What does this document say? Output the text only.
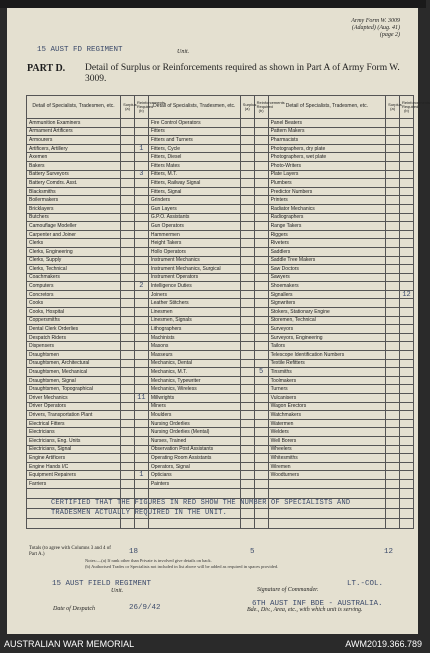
Army Form W. 3009
(Adapted) (Aug. 41)
(page 2)
15 AUST FD REGIMENT	Unit.
PART D. Detail of Surplus or Reinforcements required as shown in Part A of Army Form W. 3009.
Detail of Specialists, Tradesmen, etc.	Surplus (a)	Reinforcements Required (b)	Detail of Specialists, Tradesmen, etc.	Surplus (a)	Reinforcements Required (b)	Detail of Specialists, Tradesmen, etc.	Surplus (a)	Reinforcements Required (b)
Ammunition Examiners			Fire Control Operators			Panel Beaters		
Armament Artificers			Fitters			Pattern Makers		
Armourers			Fitters and Turners			Pharmacists		
Artificers, Artillery		1	Fitters, Cycle			Photographers, dry plate		
Axemen			Fitters, Diesel			Photographers, wet plate		
Bakers			Fitters Mates			Photo-Writers		
Battery Surveyors		3	Fitters, M.T.			Plate Layers		
Battery Comdrs. Asst.			Fitters, Railway Signal			Plumbers		
Blacksmiths			Fitters, Signal			Predictor Numbers		
Boilermakers			Grinders			Printers		
Bricklayers			Gun Layers			Radiator Mechanics		
Butchers			G.P.O. Assistants			Radiographers		
Camouflage Modeller			Gun Operators			Range Takers		
Carpenter and Joiner			Hammermen			Riggers		
Clerks			Height Takers			Riveters		
Clerks, Engineering			Hollo Operators			Saddlers		
Clerks, Supply			Instrument Mechanics			Saddle Tree Makers		
Clerks, Technical			Instrument Mechanics, Surgical			Saw Doctors		
Coachmakers			Instrument Operators			Sawyers		
Computers		2	Intelligence Duties			Shoemakers		
Concretors			Joiners			Signallers		12
Cooks			Leather Stitchers			Signwriters		
Cooks, Hospital			Linesmen			Stokers, Stationary Engine		
Coppersmiths			Linesmen, Signals			Storemen, Technical		
Dental Clerk Orderlies			Lithographers			Surveyors		
Despatch Riders			Machinists			Surveyors, Engineering		
Dispensers			Masons			Tailors		
Draughtsmen			Masseurs			Telescope Identification Numbers		
Draughtsmen, Architectural			Mechanics, Dental			Textile Refitters		
Draughtsmen, Mechanical			Mechanics, M.T.		5	Tinsmiths		
Draughtsmen, Signal			Mechanics, Typewriter			Toolmakers		
Draughtsmen, Topographical			Mechanics, Wireless			Turners		
Driver Mechanics		11	Millwrights			Vulcanisers		
Driver Operators			Miners			Wagon Erectors		
Drivers, Transportation Plant			Moulders			Watchmakers		
Electrical Fitters			Nursing Orderlies			Watermen		
Electricians			Nursing Orderlies (Mental)			Welders		
Electricians, Eng. Units			Nurses, Trained			Well Borers		
Electricians, Signal			Observation Post Assistants			Wheelers		
Engine Artificers			Operating Room Assistants			Whitesmiths		
Engine Hands I/C			Operators, Signal			Wiremen		
Equipment Repairers		1	Opticians			Woodturners		
Farriers			Painters					

CERTIFIED THAT THE FIGURES IN RED SHOW THE NUMBER OF SPECIALISTS AND TRADESMEN ACTUALLY REQUIRED IN THE UNIT.
Totals (to agree with Columns 3 and 4 of Part A.)	18	5	12
Notes:—(a) If rank other than Private is involved give details on back.
(b) Authorised Trades or Specialists not included in list above will be added as required in spaces provided.
15 AUST FIELD REGIMENT	LT.-COL.
Unit.	Signature of Commander.
Date of Despatch	26/9/42	6TH AUST INF BDE - AUSTRALIA.
Bde., Div., Area, etc., with which unit is serving.
AUSTRALIAN WAR MEMORIAL	AWM2019.366.789
